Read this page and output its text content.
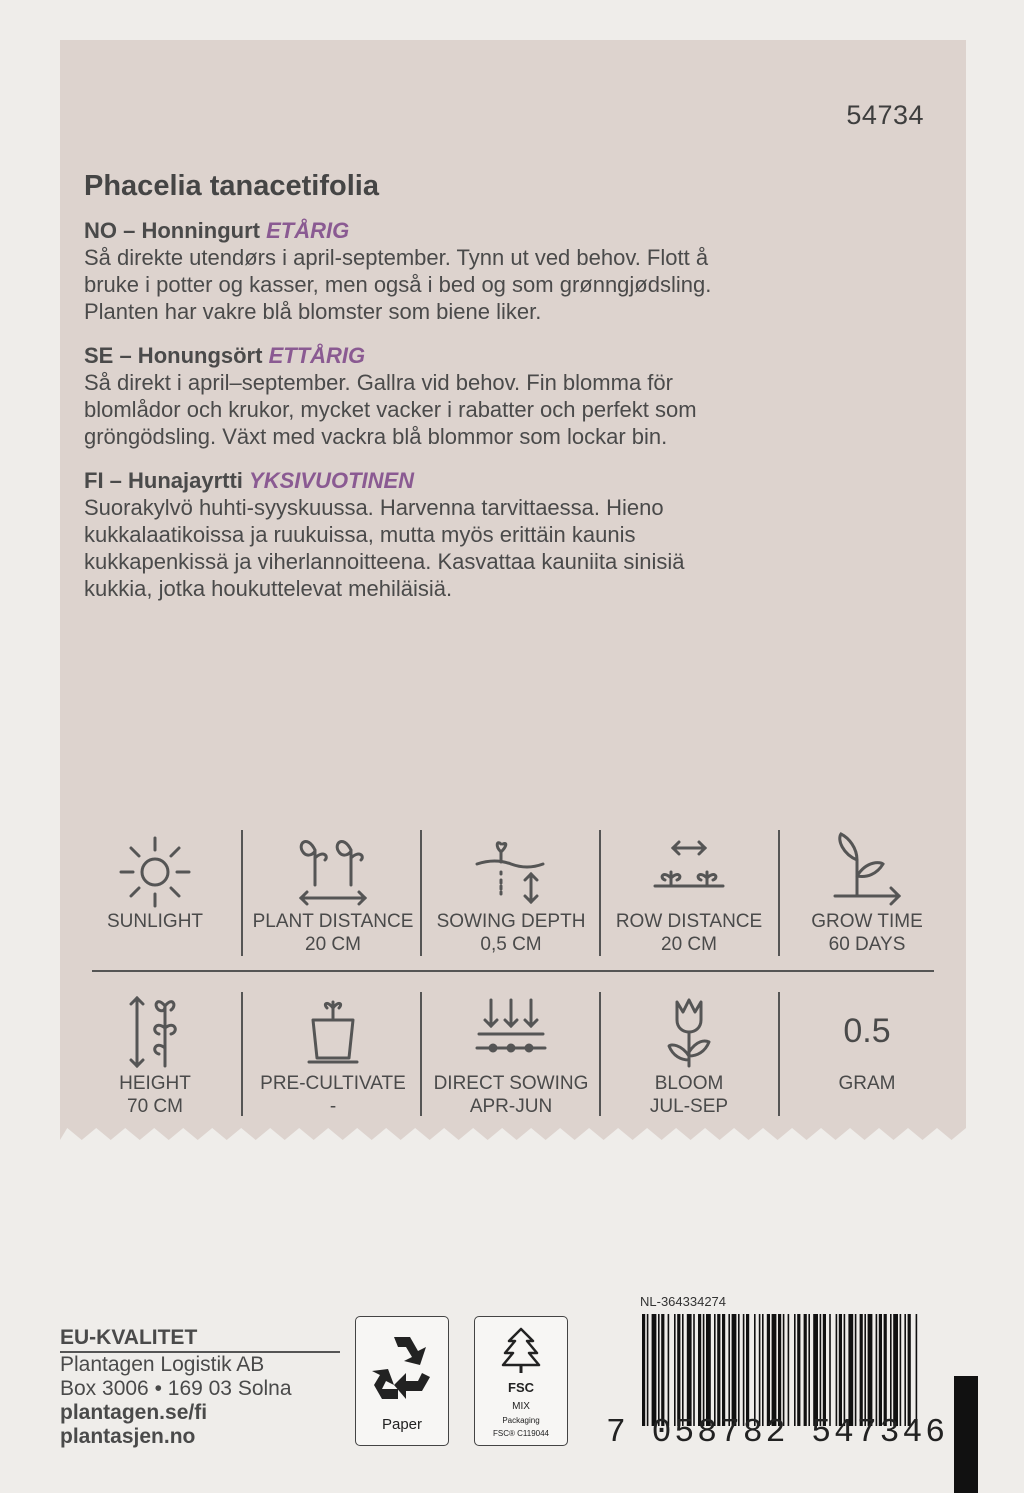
54734
Phacelia tanacetifolia
NO – Honningurt ETÅRIG

Så direkte utendørs i april-september. Tynn ut ved behov. Flott å

bruke i potter og kasser, men også i bed og som grønngjødsling.

Planten har vakre blå blomster som biene liker.

SE – Honungsört ETTÅRIG

Så direkt i april–september. Gallra vid behov. Fin blomma för

blomlådor och krukor, mycket vacker i rabatter och perfekt som

gröngödsling. Växt med vackra blå blommor som lockar bin.

FI – Hunajayrtti YKSIVUOTINEN

Suorakylvö huhti-syyskuussa. Harvenna tarvittaessa. Hieno

kukkalaatikoissa ja ruukuissa, mutta myös erittäin kaunis

kukkapenkissä ja viherlannoitteena. Kasvattaa kauniita sinisiä

kukkia, jotka houkuttelevat mehiläisiä.

SUNLIGHT	PLANT DISTANCE
20 CM
SOWING DEPTH
0,5 CM
ROW DISTANCE
20 CM
GROW TIME
60 DAYS
HEIGHT
70 CM
PRE-CULTIVATE
-
DIRECT SOWING
APR-JUN
BLOOM
JUL-SEP
0.5
GRAM
EU-KVALITET
Plantagen Logistik AB
Box 3006 • 169 03 Solna
plantagen.se/fi
plantasjen.no
Paper
FSC
MIX
Packaging
FSC® C119044
NL-364334274
7 058782 547346
